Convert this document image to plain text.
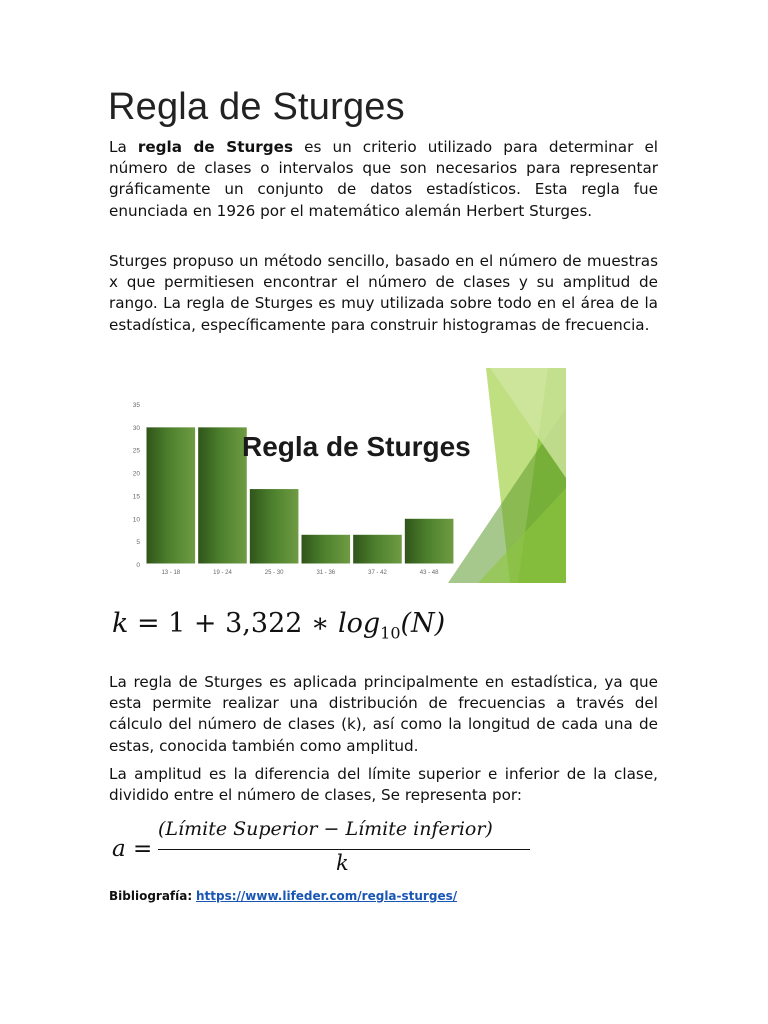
Regla de Sturges

La regla de Sturges es un criterio utilizado para determinar el número de clases o intervalos que son necesarios para representar gráficamente un conjunto de datos estadísticos. Esta regla fue enunciada en 1926 por el matemático alemán Herbert Sturges.

Sturges propuso un método sencillo, basado en el número de muestras x que permitiesen encontrar el número de clases y su amplitud de rango. La regla de Sturges es muy utilizada sobre todo en el área de la estadística, específicamente para construir histogramas de frecuencia.

0
5
10
15
20
25
30
35
13 - 18	19 - 24	25 - 30	31 - 36	37 - 42	43 - 48
Regla de Sturges
k = 1 + 3,322 ∗ $\log_{10}(N)$

La regla de Sturges es aplicada principalmente en estadística, ya que esta permite realizar una distribución de frecuencias a través del cálculo del número de clases (k), así como la longitud de cada una de estas, conocida también como amplitud.

La amplitud es la diferencia del límite superior e inferior de la clase, dividido entre el número de clases, Se representa por:

a =
(Límite Superior − Límite inferior)
k

Bibliografía: https://www.lifeder.com/regla-sturges/
